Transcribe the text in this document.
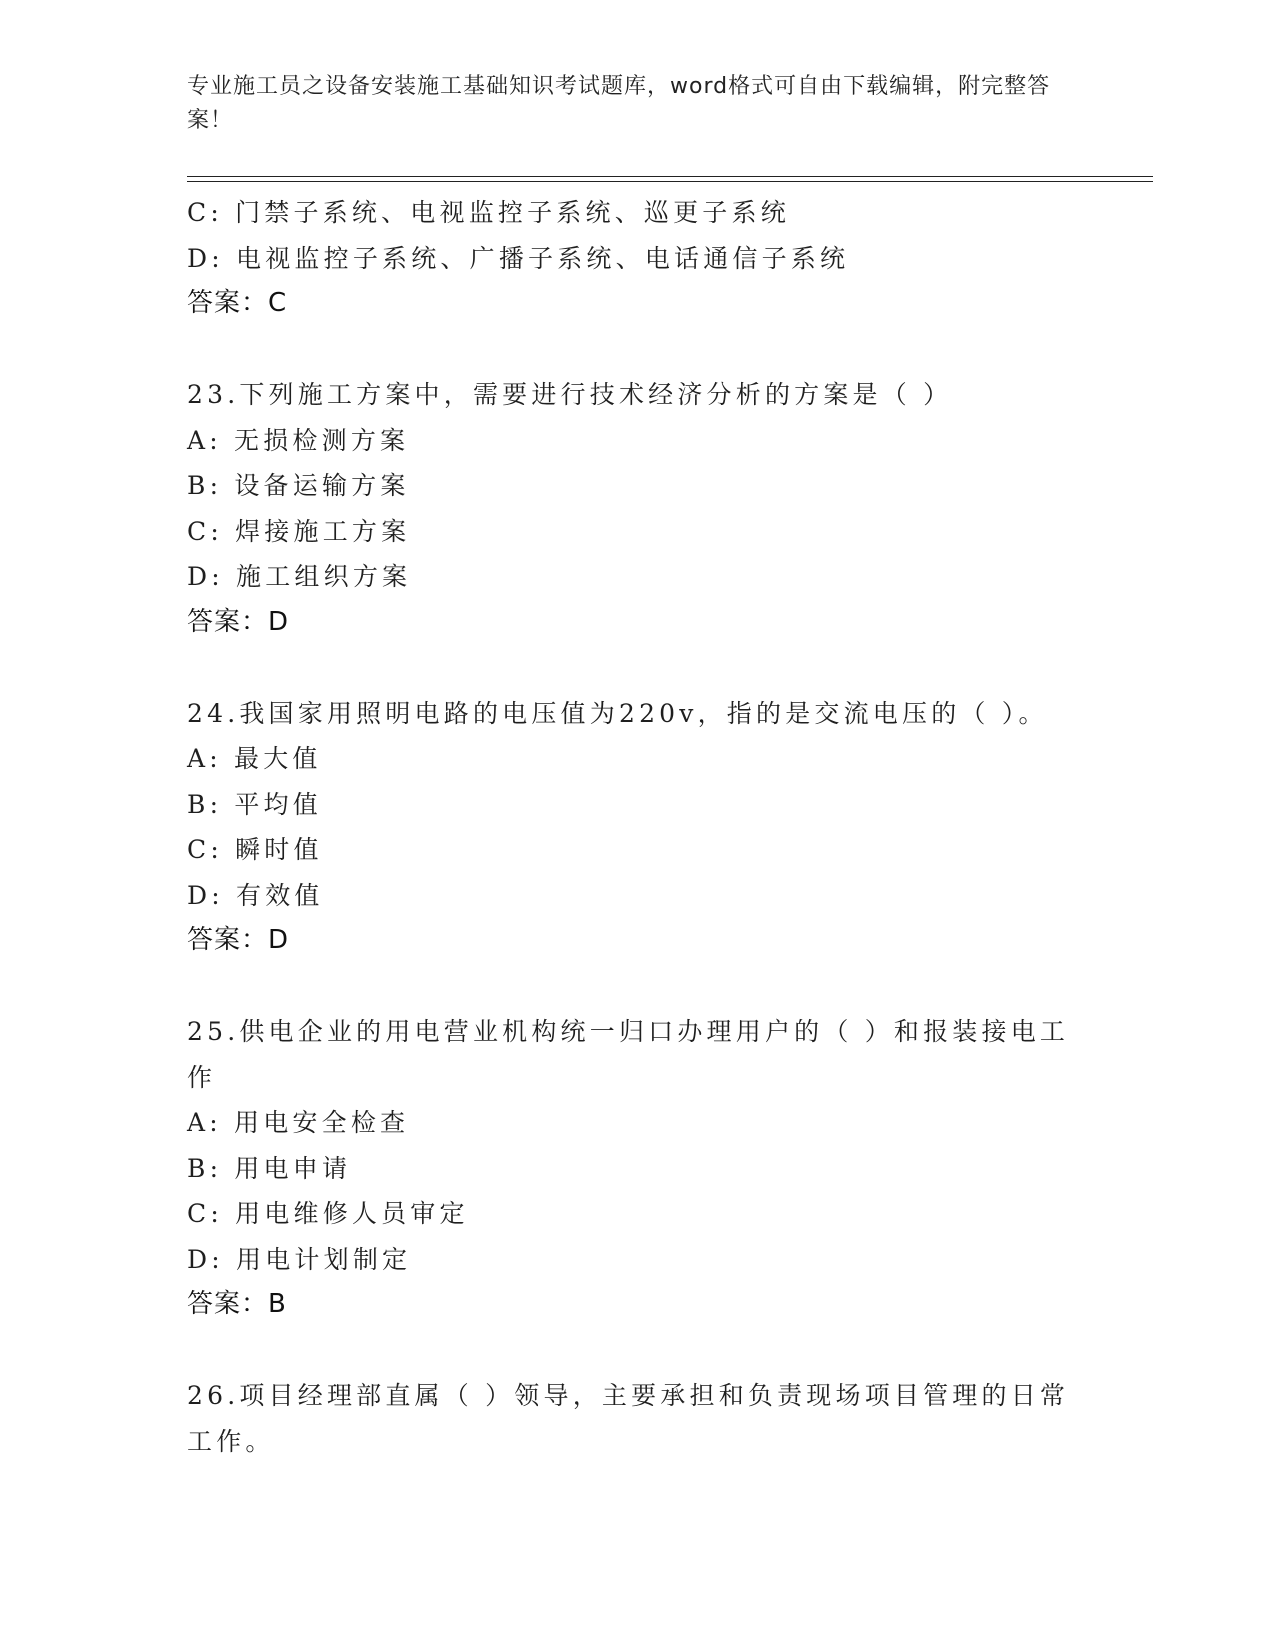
专业施工员之设备安装施工基础知识考试题库，word格式可自由下载编辑，附完整答案！
C: 门禁子系统、电视监控子系统、巡更子系统
D: 电视监控子系统、广播子系统、电话通信子系统
答案：C
23.下列施工方案中，需要进行技术经济分析的方案是（ ）
A: 无损检测方案
B: 设备运输方案
C: 焊接施工方案
D: 施工组织方案
答案：D
24.我国家用照明电路的电压值为220v，指的是交流电压的（ ）。
A: 最大值
B: 平均值
C: 瞬时值
D: 有效值
答案：D
25.供电企业的用电营业机构统一归口办理用户的（ ）和报装接电工
作
A: 用电安全检查
B: 用电申请
C: 用电维修人员审定
D: 用电计划制定
答案：B
26.项目经理部直属（ ）领导，主要承担和负责现场项目管理的日常
工作。
